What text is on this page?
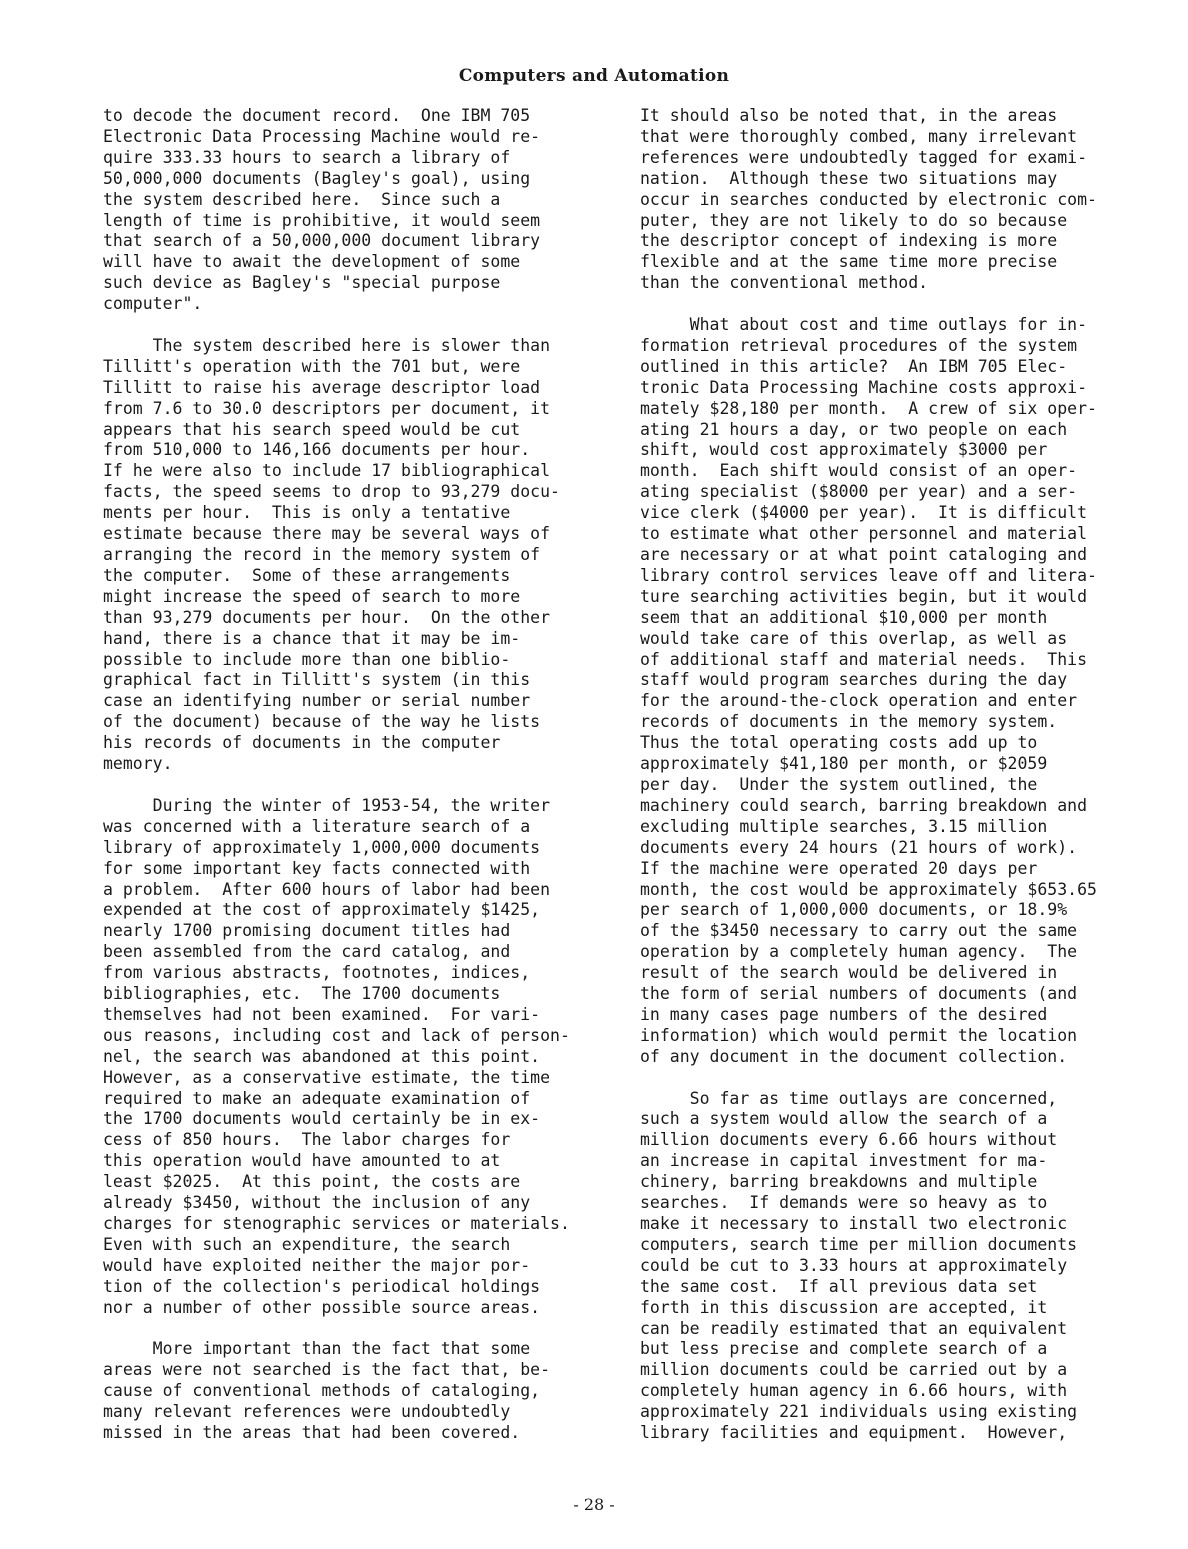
Computers and Automation
to decode the document record.  One IBM 705
Electronic Data Processing Machine would re-
quire 333.33 hours to search a library of
50,000,000 documents (Bagley's goal), using
the system described here.  Since such a
length of time is prohibitive, it would seem
that search of a 50,000,000 document library
will have to await the development of some
such device as Bagley's "special purpose
computer".
The system described here is slower than
Tillitt's operation with the 701 but, were
Tillitt to raise his average descriptor load
from 7.6 to 30.0 descriptors per document, it
appears that his search speed would be cut
from 510,000 to 146,166 documents per hour.
If he were also to include 17 bibliographical
facts, the speed seems to drop to 93,279 docu-
ments per hour.  This is only a tentative
estimate because there may be several ways of
arranging the record in the memory system of
the computer.  Some of these arrangements
might increase the speed of search to more
than 93,279 documents per hour.  On the other
hand, there is a chance that it may be im-
possible to include more than one biblio-
graphical fact in Tillitt's system (in this
case an identifying number or serial number
of the document) because of the way he lists
his records of documents in the computer
memory.
During the winter of 1953-54, the writer
was concerned with a literature search of a
library of approximately 1,000,000 documents
for some important key facts connected with
a problem.  After 600 hours of labor had been
expended at the cost of approximately $1425,
nearly 1700 promising document titles had
been assembled from the card catalog, and
from various abstracts, footnotes, indices,
bibliographies, etc.  The 1700 documents
themselves had not been examined.  For vari-
ous reasons, including cost and lack of person-
nel, the search was abandoned at this point.
However, as a conservative estimate, the time
required to make an adequate examination of
the 1700 documents would certainly be in ex-
cess of 850 hours.  The labor charges for
this operation would have amounted to at
least $2025.  At this point, the costs are
already $3450, without the inclusion of any
charges for stenographic services or materials.
Even with such an expenditure, the search
would have exploited neither the major por-
tion of the collection's periodical holdings
nor a number of other possible source areas.
More important than the fact that some
areas were not searched is the fact that, be-
cause of conventional methods of cataloging,
many relevant references were undoubtedly
missed in the areas that had been covered.
It should also be noted that, in the areas
that were thoroughly combed, many irrelevant
references were undoubtedly tagged for exami-
nation.  Although these two situations may
occur in searches conducted by electronic com-
puter, they are not likely to do so because
the descriptor concept of indexing is more
flexible and at the same time more precise
than the conventional method.
What about cost and time outlays for in-
formation retrieval procedures of the system
outlined in this article?  An IBM 705 Elec-
tronic Data Processing Machine costs approxi-
mately $28,180 per month.  A crew of six oper-
ating 21 hours a day, or two people on each
shift, would cost approximately $3000 per
month.  Each shift would consist of an oper-
ating specialist ($8000 per year) and a ser-
vice clerk ($4000 per year).  It is difficult
to estimate what other personnel and material
are necessary or at what point cataloging and
library control services leave off and litera-
ture searching activities begin, but it would
seem that an additional $10,000 per month
would take care of this overlap, as well as
of additional staff and material needs.  This
staff would program searches during the day
for the around-the-clock operation and enter
records of documents in the memory system.
Thus the total operating costs add up to
approximately $41,180 per month, or $2059
per day.  Under the system outlined, the
machinery could search, barring breakdown and
excluding multiple searches, 3.15 million
documents every 24 hours (21 hours of work).
If the machine were operated 20 days per
month, the cost would be approximately $653.65
per search of 1,000,000 documents, or 18.9%
of the $3450 necessary to carry out the same
operation by a completely human agency.  The
result of the search would be delivered in
the form of serial numbers of documents (and
in many cases page numbers of the desired
information) which would permit the location
of any document in the document collection.
So far as time outlays are concerned,
such a system would allow the search of a
million documents every 6.66 hours without
an increase in capital investment for ma-
chinery, barring breakdowns and multiple
searches.  If demands were so heavy as to
make it necessary to install two electronic
computers, search time per million documents
could be cut to 3.33 hours at approximately
the same cost.  If all previous data set
forth in this discussion are accepted, it
can be readily estimated that an equivalent
but less precise and complete search of a
million documents could be carried out by a
completely human agency in 6.66 hours, with
approximately 221 individuals using existing
library facilities and equipment.  However,
- 28 -
